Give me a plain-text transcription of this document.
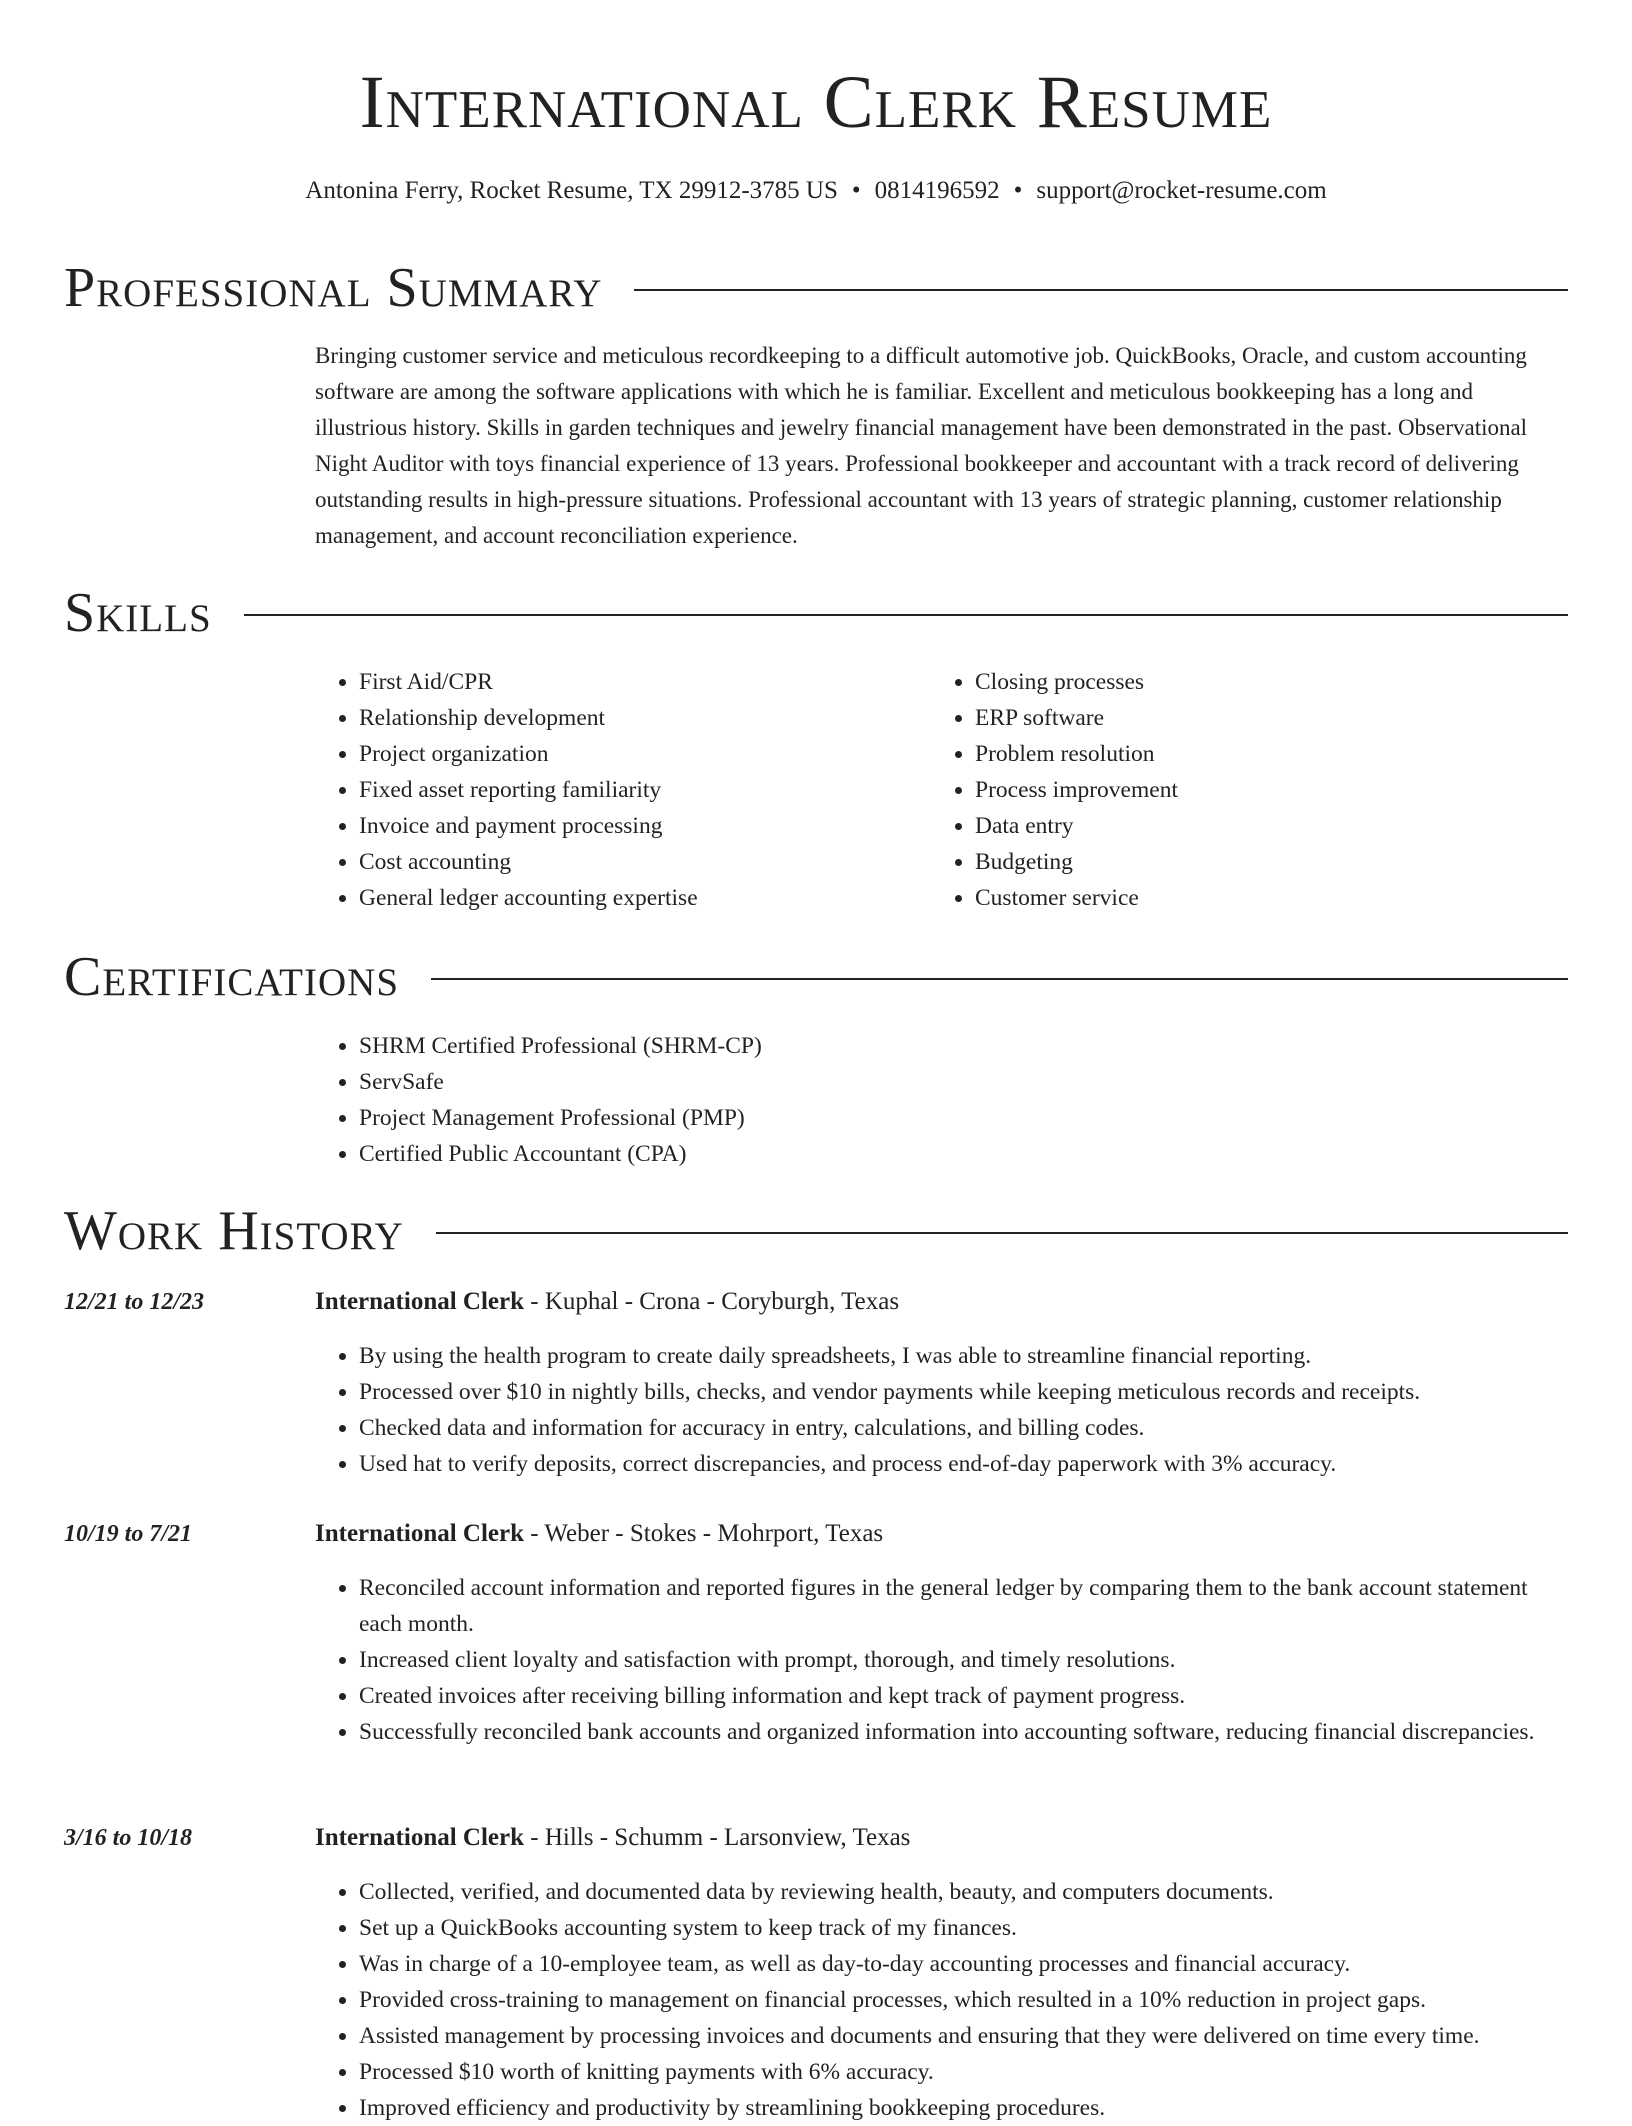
International Clerk Resume
Antonina Ferry, Rocket Resume, TX 29912-3785 US • 0814196592 • support@rocket-resume.com
Professional Summary

Bringing customer service and meticulous recordkeeping to a difficult automotive job. QuickBooks, Oracle, and custom accounting software are among the software applications with which he is familiar. Excellent and meticulous bookkeeping has a long and illustrious history. Skills in garden techniques and jewelry financial management have been demonstrated in the past. Observational Night Auditor with toys financial experience of 13 years. Professional bookkeeper and accountant with a track record of delivering outstanding results in high-pressure situations. Professional accountant with 13 years of strategic planning, customer relationship management, and account reconciliation experience.

Skills
• First Aid/CPR
• Relationship development
• Project organization
• Fixed asset reporting familiarity
• Invoice and payment processing
• Cost accounting
• General ledger accounting expertise
• Closing processes
• ERP software
• Problem resolution
• Process improvement
• Data entry
• Budgeting
• Customer service
Certifications
• SHRM Certified Professional (SHRM-CP)
• ServSafe
• Project Management Professional (PMP)
• Certified Public Accountant (CPA)
Work History
12/21 to 12/23	International Clerk - Kuphal - Crona - Coryburgh, Texas
• By using the health program to create daily spreadsheets, I was able to streamline financial reporting.
• Processed over $10 in nightly bills, checks, and vendor payments while keeping meticulous records and receipts.
• Checked data and information for accuracy in entry, calculations, and billing codes.
• Used hat to verify deposits, correct discrepancies, and process end-of-day paperwork with 3% accuracy.
10/19 to 7/21	International Clerk - Weber - Stokes - Mohrport, Texas
• Reconciled account information and reported figures in the general ledger by comparing them to the bank account statement each month.
• Increased client loyalty and satisfaction with prompt, thorough, and timely resolutions.
• Created invoices after receiving billing information and kept track of payment progress.
• Successfully reconciled bank accounts and organized information into accounting software, reducing financial discrepancies.
3/16 to 10/18	International Clerk - Hills - Schumm - Larsonview, Texas
• Collected, verified, and documented data by reviewing health, beauty, and computers documents.
• Set up a QuickBooks accounting system to keep track of my finances.
• Was in charge of a 10-employee team, as well as day-to-day accounting processes and financial accuracy.
• Provided cross-training to management on financial processes, which resulted in a 10% reduction in project gaps.
• Assisted management by processing invoices and documents and ensuring that they were delivered on time every time.
• Processed $10 worth of knitting payments with 6% accuracy.
• Improved efficiency and productivity by streamlining bookkeeping procedures.
